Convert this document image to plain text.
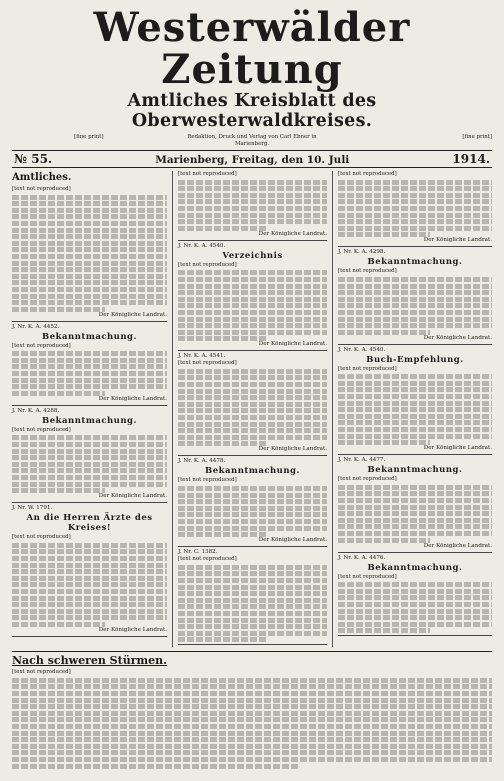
Westerwälder Zeitung
Amtliches Kreisblatt des Oberwesterwaldkreises.
[fine print]	Redaktion, Druck und Verlag von Carl Ebner in Marienberg.
[fine print]
№ 55.	Marienberg, Freitag, den 10. Juli	1914.
Amtliches.
[text not reproduced]
Der Königliche Landrat.
J. Nr. K. A. 4452.
Bekanntmachung.
[text not reproduced]
Der Königliche Landrat.
J. Nr. K. A. 4288.
Bekanntmachung.
[text not reproduced]
Der Königliche Landrat.
J. Nr. W. 1791.
An die Herren Ärzte des Kreises!
[text not reproduced]
Der Königliche Landrat.
[text not reproduced]
Der Königliche Landrat.
J. Nr. K. A. 4540.
Verzeichnis
[text not reproduced]
Der Königliche Landrat.
J. Nr. K. A. 4541.
[text not reproduced]
Der Königliche Landrat.
J. Nr. K. A. 4478.
Bekanntmachung.
[text not reproduced]
Der Königliche Landrat.
J. Nr. C. 1382.
[text not reproduced]
[text not reproduced]
Der Königliche Landrat.
J. Nr. K. A. 4298.
Bekanntmachung.
[text not reproduced]
Der Königliche Landrat.
J. Nr. K. A. 4540.
Buch-Empfehlung.
[text not reproduced]
Der Königliche Landrat.
J. Nr. K. A. 4477.
Bekanntmachung.
[text not reproduced]
Der Königliche Landrat.
J. Nr. K. A. 4476.
Bekanntmachung.
[text not reproduced]
Nach schweren Stürmen.
[text not reproduced]
